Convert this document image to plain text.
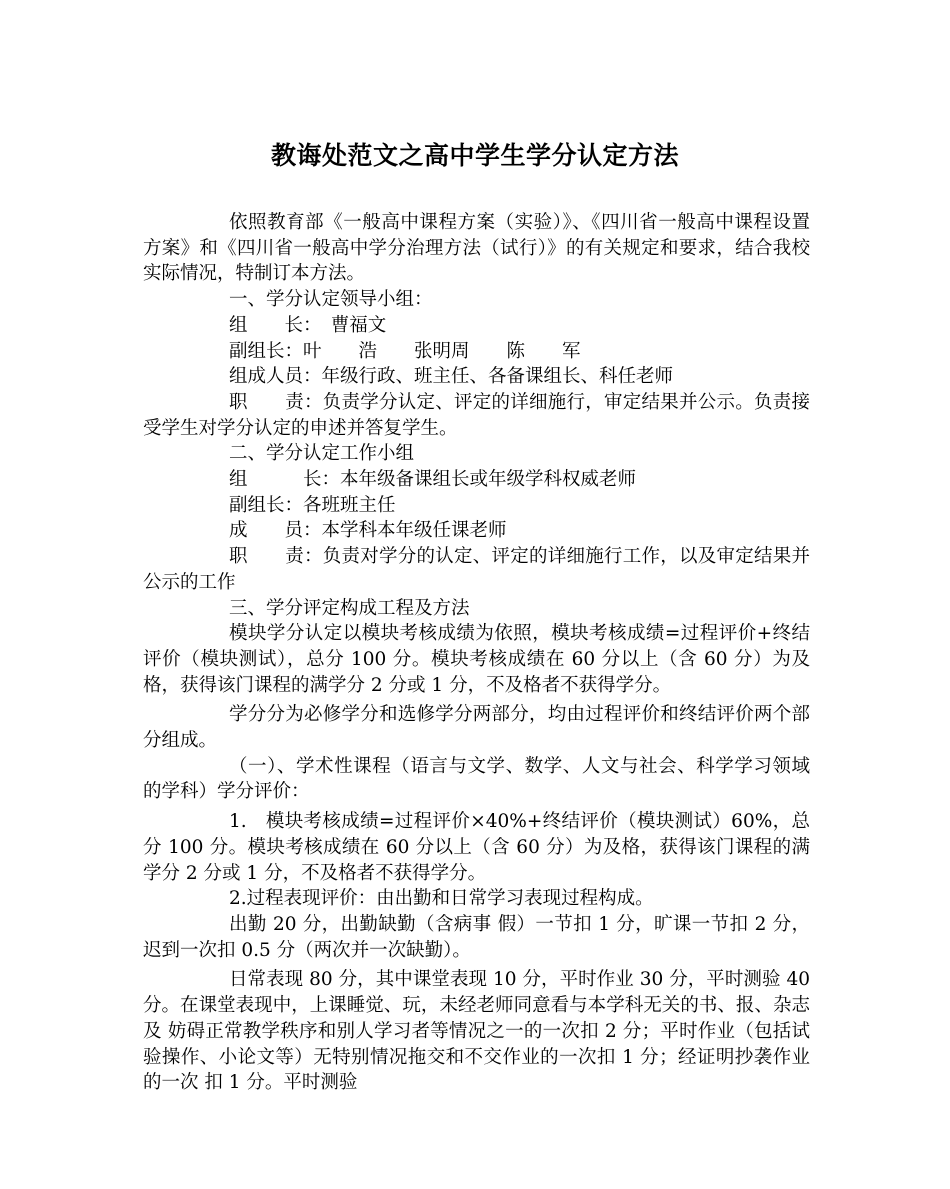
教诲处范文之高中学生学分认定方法

依照教育部《一般高中课程方案（实验）》、《四川省一般高中课程设置方案》和《四川省一般高中学分治理方法（试行）》的有关规定和要求，结合我校实际情况，特制订本方法。

一、学分认定领导小组：

组　　长：　曹福文

副组长：叶　　浩　　张明周　　陈　　军

组成人员：年级行政、班主任、各备课组长、科任老师

职　　责：负责学分认定、评定的详细施行，审定结果并公示。负责接受学生对学分认定的申述并答复学生。

二、学分认定工作小组

组　　　长：本年级备课组长或年级学科权威老师

副组长：各班班主任

成　　员：本学科本年级任课老师

职　　责：负责对学分的认定、评定的详细施行工作，以及审定结果并公示的工作

三、学分评定构成工程及方法

模块学分认定以模块考核成绩为依照，模块考核成绩=过程评价+终结评价（模块测试），总分 100 分。模块考核成绩在 60 分以上（含 60 分）为及格，获得该门课程的满学分 2 分或 1 分，不及格者不获得学分。

学分分为必修学分和选修学分两部分，均由过程评价和终结评价两个部分组成。

（一）、学术性课程（语言与文学、数学、人文与社会、科学学习领域的学科）学分评价：

1.　模块考核成绩=过程评价×40%+终结评价（模块测试）60%，总分 100 分。模块考核成绩在 60 分以上（含 60 分）为及格，获得该门课程的满学分 2 分或 1 分，不及格者不获得学分。

2.过程表现评价：由出勤和日常学习表现过程构成。

出勤 20 分，出勤缺勤（含病事 假）一节扣 1 分，旷课一节扣 2 分，迟到一次扣 0.5 分（两次并一次缺勤）。

日常表现 80 分，其中课堂表现 10 分，平时作业 30 分，平时测验 40 分。在课堂表现中，上课睡觉、玩，未经老师同意看与本学科无关的书、报、杂志及 妨碍正常教学秩序和别人学习者等情况之一的一次扣 2 分；平时作业（包括试验操作、小论文等）无特别情况拖交和不交作业的一次扣 1 分；经证明抄袭作业的一次 扣 1 分。平时测验
